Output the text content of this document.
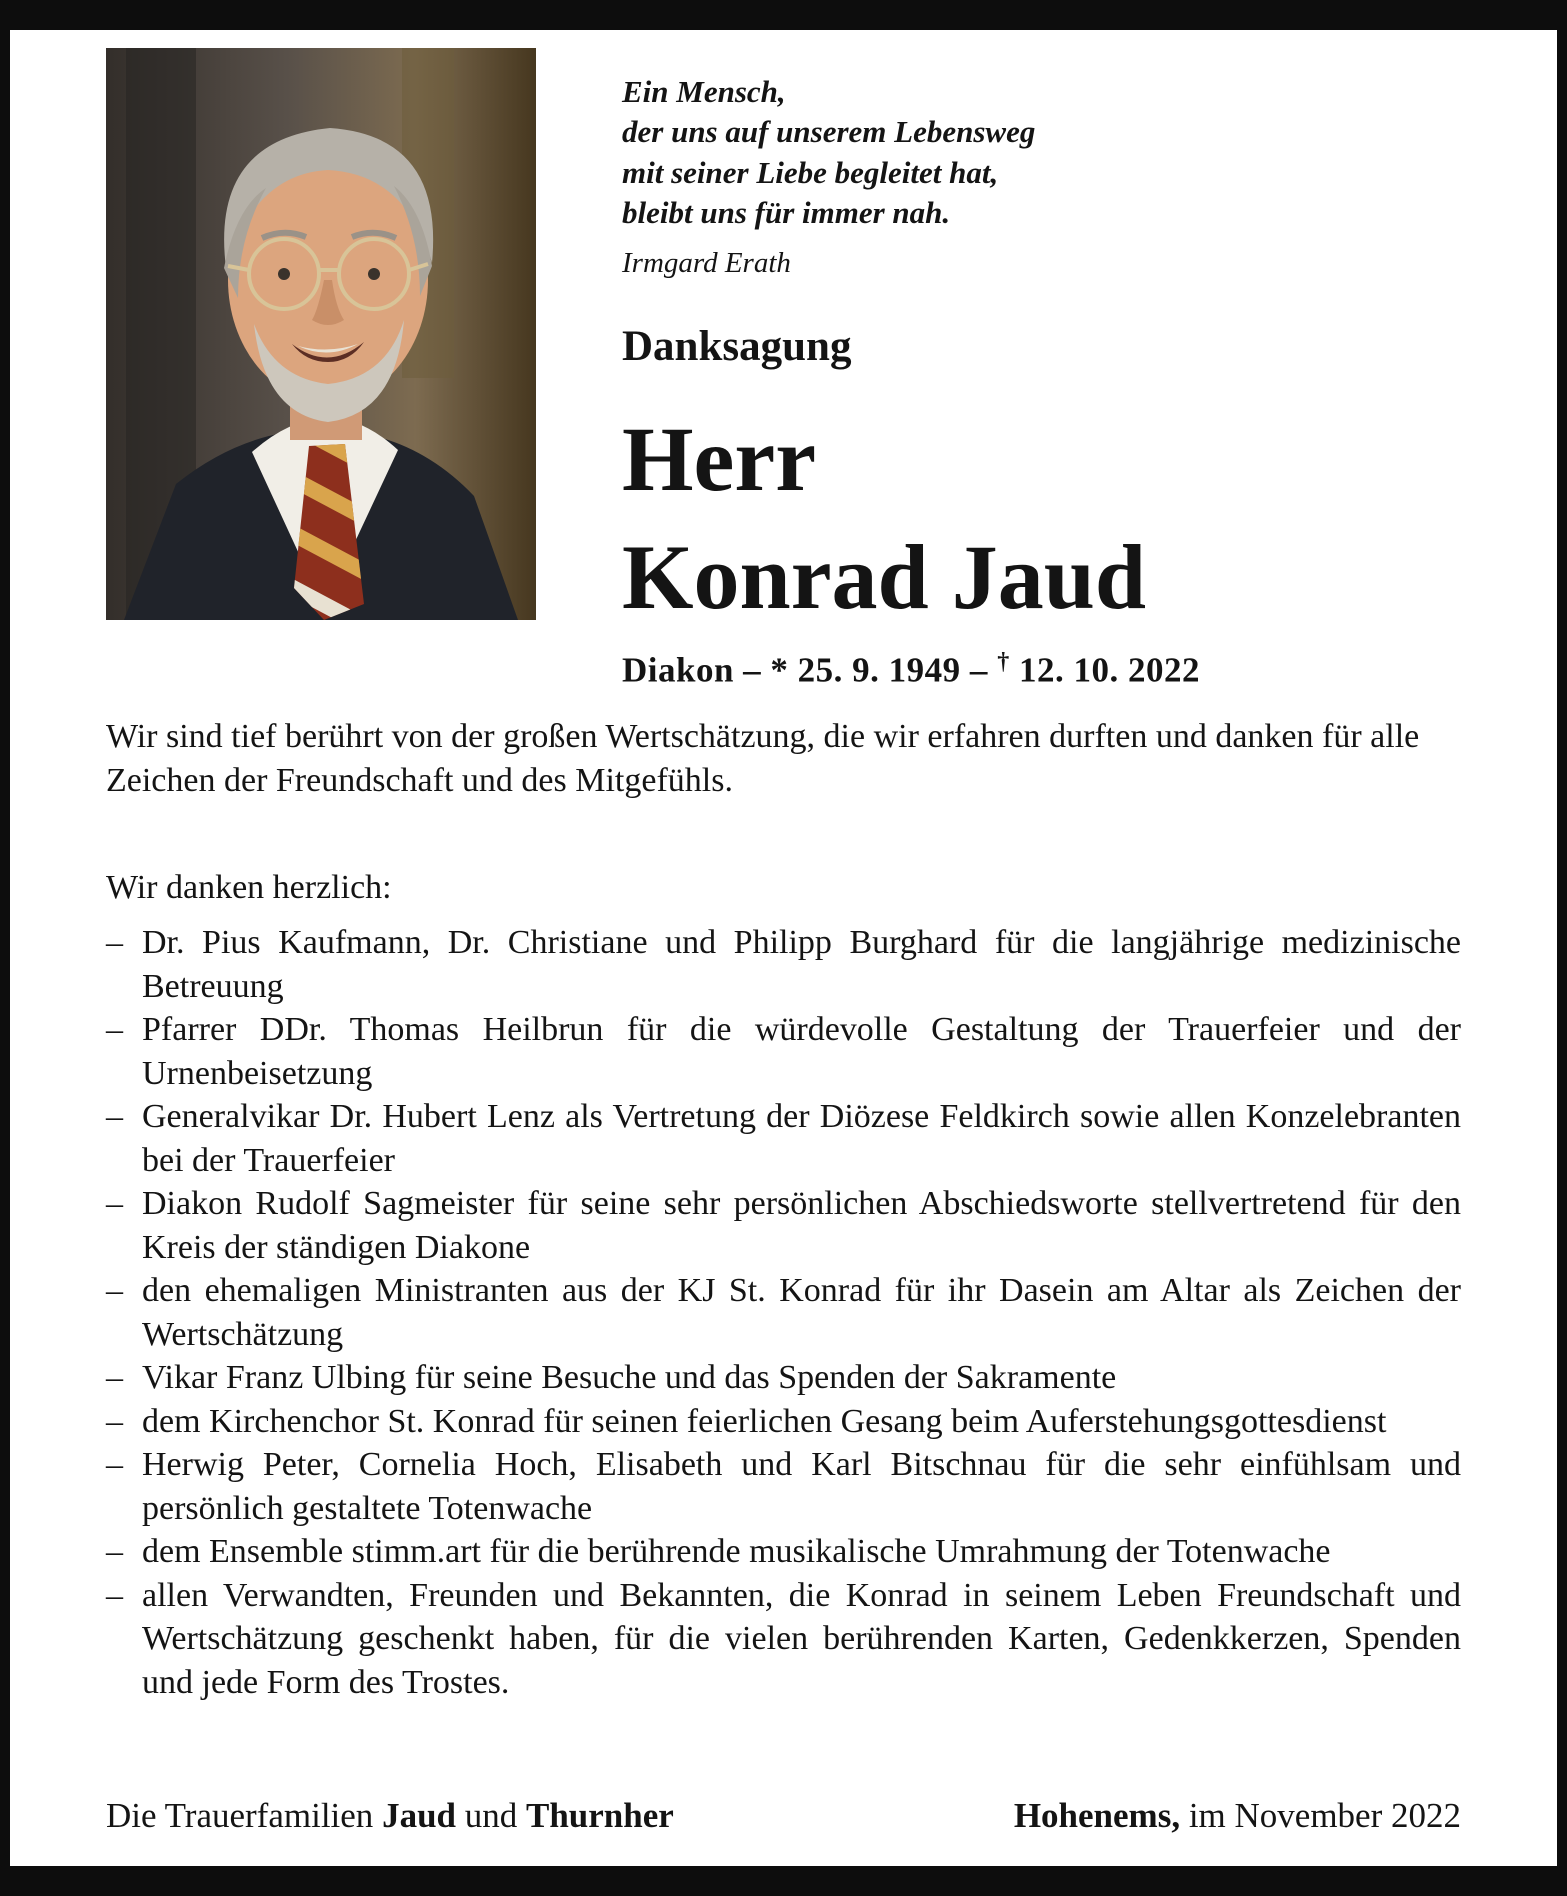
Ein Mensch,
der uns auf unserem Lebensweg
mit seiner Liebe begleitet hat,
bleibt uns für immer nah.
Irmgard Erath
Danksagung
Herr
Konrad Jaud
Diakon – * 25. 9. 1949 – † 12. 10. 2022

Wir sind tief berührt von der großen Wertschätzung, die wir erfahren durften und danken für alle Zeichen der Freundschaft und des Mitgefühls.

Wir danken herzlich:
– Dr. Pius Kaufmann, Dr. Christiane und Philipp Burghard für die langjährige medizinische Betreuung
– Pfarrer DDr. Thomas Heilbrun für die würdevolle Gestaltung der Trauerfeier und der Urnenbeisetzung
– Generalvikar Dr. Hubert Lenz als Vertretung der Diözese Feldkirch sowie allen Konzelebranten bei der Trauerfeier
– Diakon Rudolf Sagmeister für seine sehr persönlichen Abschiedsworte stellvertretend für den Kreis der ständigen Diakone
– den ehemaligen Ministranten aus der KJ St. Konrad für ihr Dasein am Altar als Zeichen der Wertschätzung
– Vikar Franz Ulbing für seine Besuche und das Spenden der Sakramente
– dem Kirchenchor St. Konrad für seinen feierlichen Gesang beim Auferstehungsgottesdienst
– Herwig Peter, Cornelia Hoch, Elisabeth und Karl Bitschnau für die sehr einfühlsam und persönlich gestaltete Totenwache
– dem Ensemble stimm.art für die berührende musikalische Umrahmung der Totenwache
– allen Verwandten, Freunden und Bekannten, die Konrad in seinem Leben Freundschaft und Wertschätzung geschenkt haben, für die vielen berührenden Karten, Gedenkkerzen, Spenden und jede Form des Trostes.
Die Trauerfamilien Jaud und Thurnher	Hohenems, im November 2022
